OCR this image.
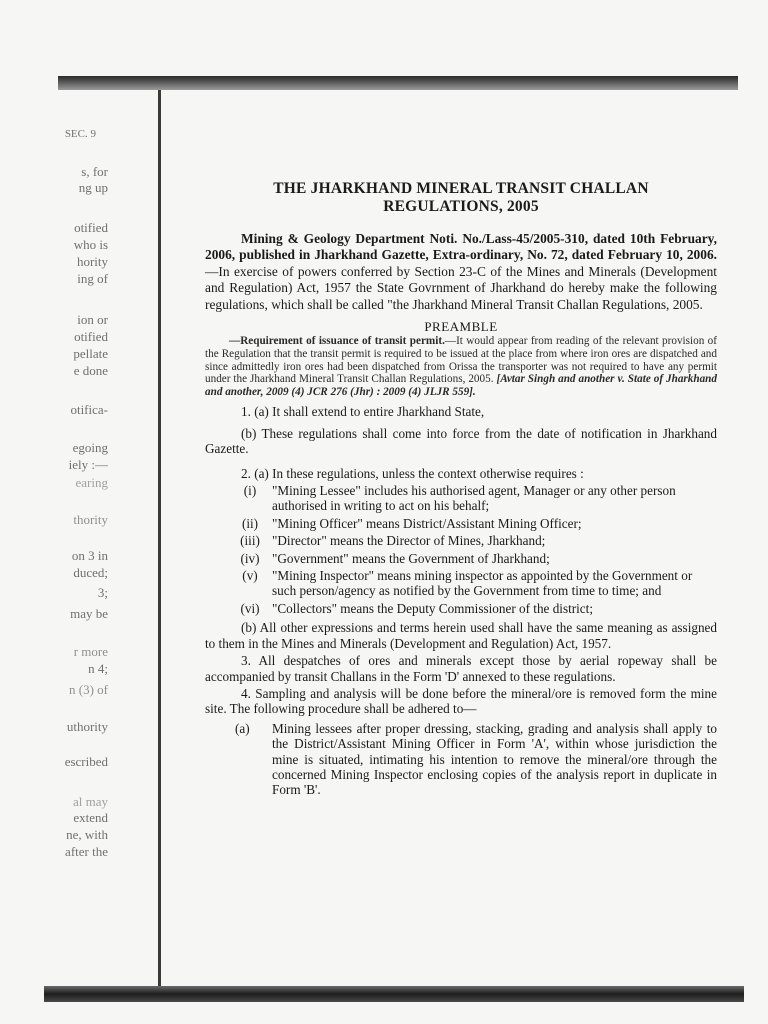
SEC. 9
s, for
ng up
otified
who is
hority
ing of
ion or
otified
pellate
e done
otifica-
egoing
iely :—
earing
thority
on 3 in
duced;
3;
may be
r more
n 4;
n (3) of
uthority
escribed
al may
extend
ne, with
after the
THE JHARKHAND MINERAL TRANSIT CHALLAN
REGULATIONS, 2005

Mining & Geology Department Noti. No./Lass-45/2005-310, dated 10th February, 2006, published in Jharkhand Gazette, Extra-ordinary, No. 72, dated February 10, 2006.—In exercise of powers conferred by Section 23-C of the Mines and Minerals (Development and Regulation) Act, 1957 the State Govrnment of Jharkhand do hereby make the following regulations, which shall be called "the Jharkhand Mineral Transit Challan Regulations, 2005.

PREAMBLE

—Requirement of issuance of transit permit.—It would appear from reading of the relevant provision of the Regulation that the transit permit is required to be issued at the place from where iron ores are dispatched and since admittedly iron ores had been dispatched from Orissa the transporter was not required to have any permit under the Jharkhand Mineral Transit Challan Regulations, 2005. [Avtar Singh and another v. State of Jharkhand and another, 2009 (4) JCR 276 (Jhr) : 2009 (4) JLJR 559].

1. (a) It shall extend to entire Jharkhand State,

(b) These regulations shall come into force from the date of notification in Jharkhand Gazette.

2. (a) In these regulations, unless the context otherwise requires :

(i)	"Mining Lessee" includes his authorised agent, Manager or any other person authorised in writing to act on his behalf;
(ii)	"Mining Officer" means District/Assistant Mining Officer;
(iii) "Director" means the Director of Mines, Jharkhand;
(iv) "Government" means the Government of Jharkhand;
(v)	"Mining Inspector" means mining inspector as appointed by the Government or such person/agency as notified by the Government from time to time; and
(vi) "Collectors" means the Deputy Commissioner of the district;

(b) All other expressions and terms herein used shall have the same meaning as assigned to them in the Mines and Minerals (Development and Regulation) Act, 1957.

3. All despatches of ores and minerals except those by aerial ropeway shall be accompanied by transit Challans in the Form 'D' annexed to these regulations.

4. Sampling and analysis will be done before the mineral/ore is removed form the mine site. The following procedure shall be adhered to—

(a)	Mining lessees after proper dressing, stacking, grading and analysis shall apply to the District/Assistant Mining Officer in Form 'A', within whose jurisdiction the mine is situated, intimating his intention to remove the mineral/ore through the concerned Mining Inspector enclosing copies of the analysis report in duplicate in Form 'B'.
